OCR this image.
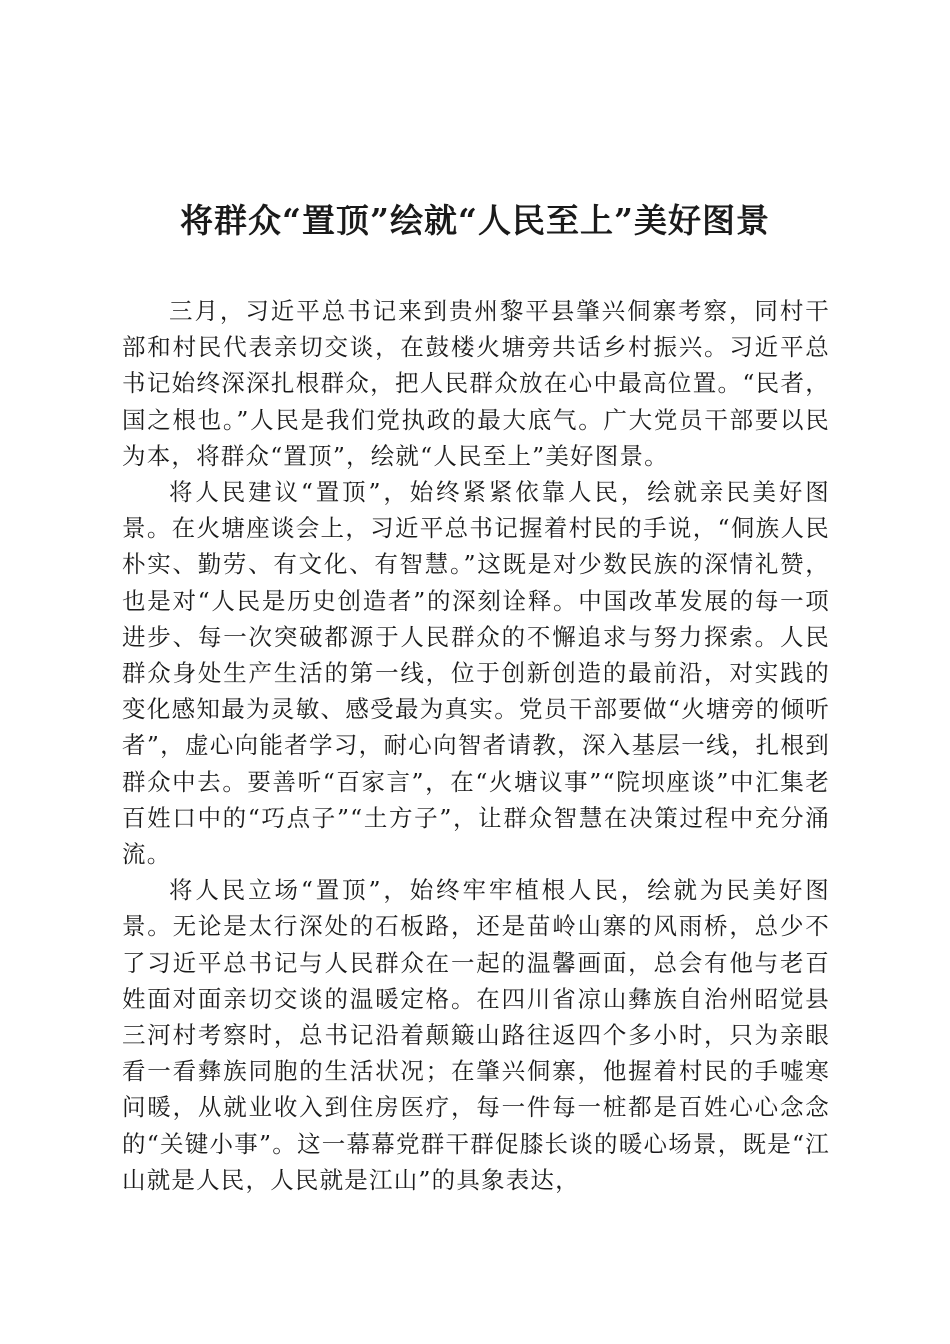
将群众“置顶”绘就“人民至上”美好图景

三月，习近平总书记来到贵州黎平县肇兴侗寨考察，同村干部和村民代表亲切交谈，在鼓楼火塘旁共话乡村振兴。习近平总书记始终深深扎根群众，把人民群众放在心中最高位置。“民者，国之根也。”人民是我们党执政的最大底气。广大党员干部要以民为本，将群众“置顶”，绘就“人民至上”美好图景。

将人民建议“置顶”，始终紧紧依靠人民，绘就亲民美好图景。在火塘座谈会上，习近平总书记握着村民的手说，“侗族人民朴实、勤劳、有文化、有智慧。”这既是对少数民族的深情礼赞，也是对“人民是历史创造者”的深刻诠释。中国改革发展的每一项进步、每一次突破都源于人民群众的不懈追求与努力探索。人民群众身处生产生活的第一线，位于创新创造的最前沿，对实践的变化感知最为灵敏、感受最为真实。党员干部要做“火塘旁的倾听者”，虚心向能者学习，耐心向智者请教，深入基层一线，扎根到群众中去。要善听“百家言”，在“火塘议事”“院坝座谈”中汇集老百姓口中的“巧点子”“土方子”，让群众智慧在决策过程中充分涌流。

将人民立场“置顶”，始终牢牢植根人民，绘就为民美好图景。无论是太行深处的石板路，还是苗岭山寨的风雨桥，总少不了习近平总书记与人民群众在一起的温馨画面，总会有他与老百姓面对面亲切交谈的温暖定格。在四川省凉山彝族自治州昭觉县三河村考察时，总书记沿着颠簸山路往返四个多小时，只为亲眼看一看彝族同胞的生活状况；在肇兴侗寨，他握着村民的手嘘寒问暖，从就业收入到住房医疗，每一件每一桩都是百姓心心念念的“关键小事”。这一幕幕党群干群促膝长谈的暖心场景，既是“江山就是人民，人民就是江山”的具象表达，
